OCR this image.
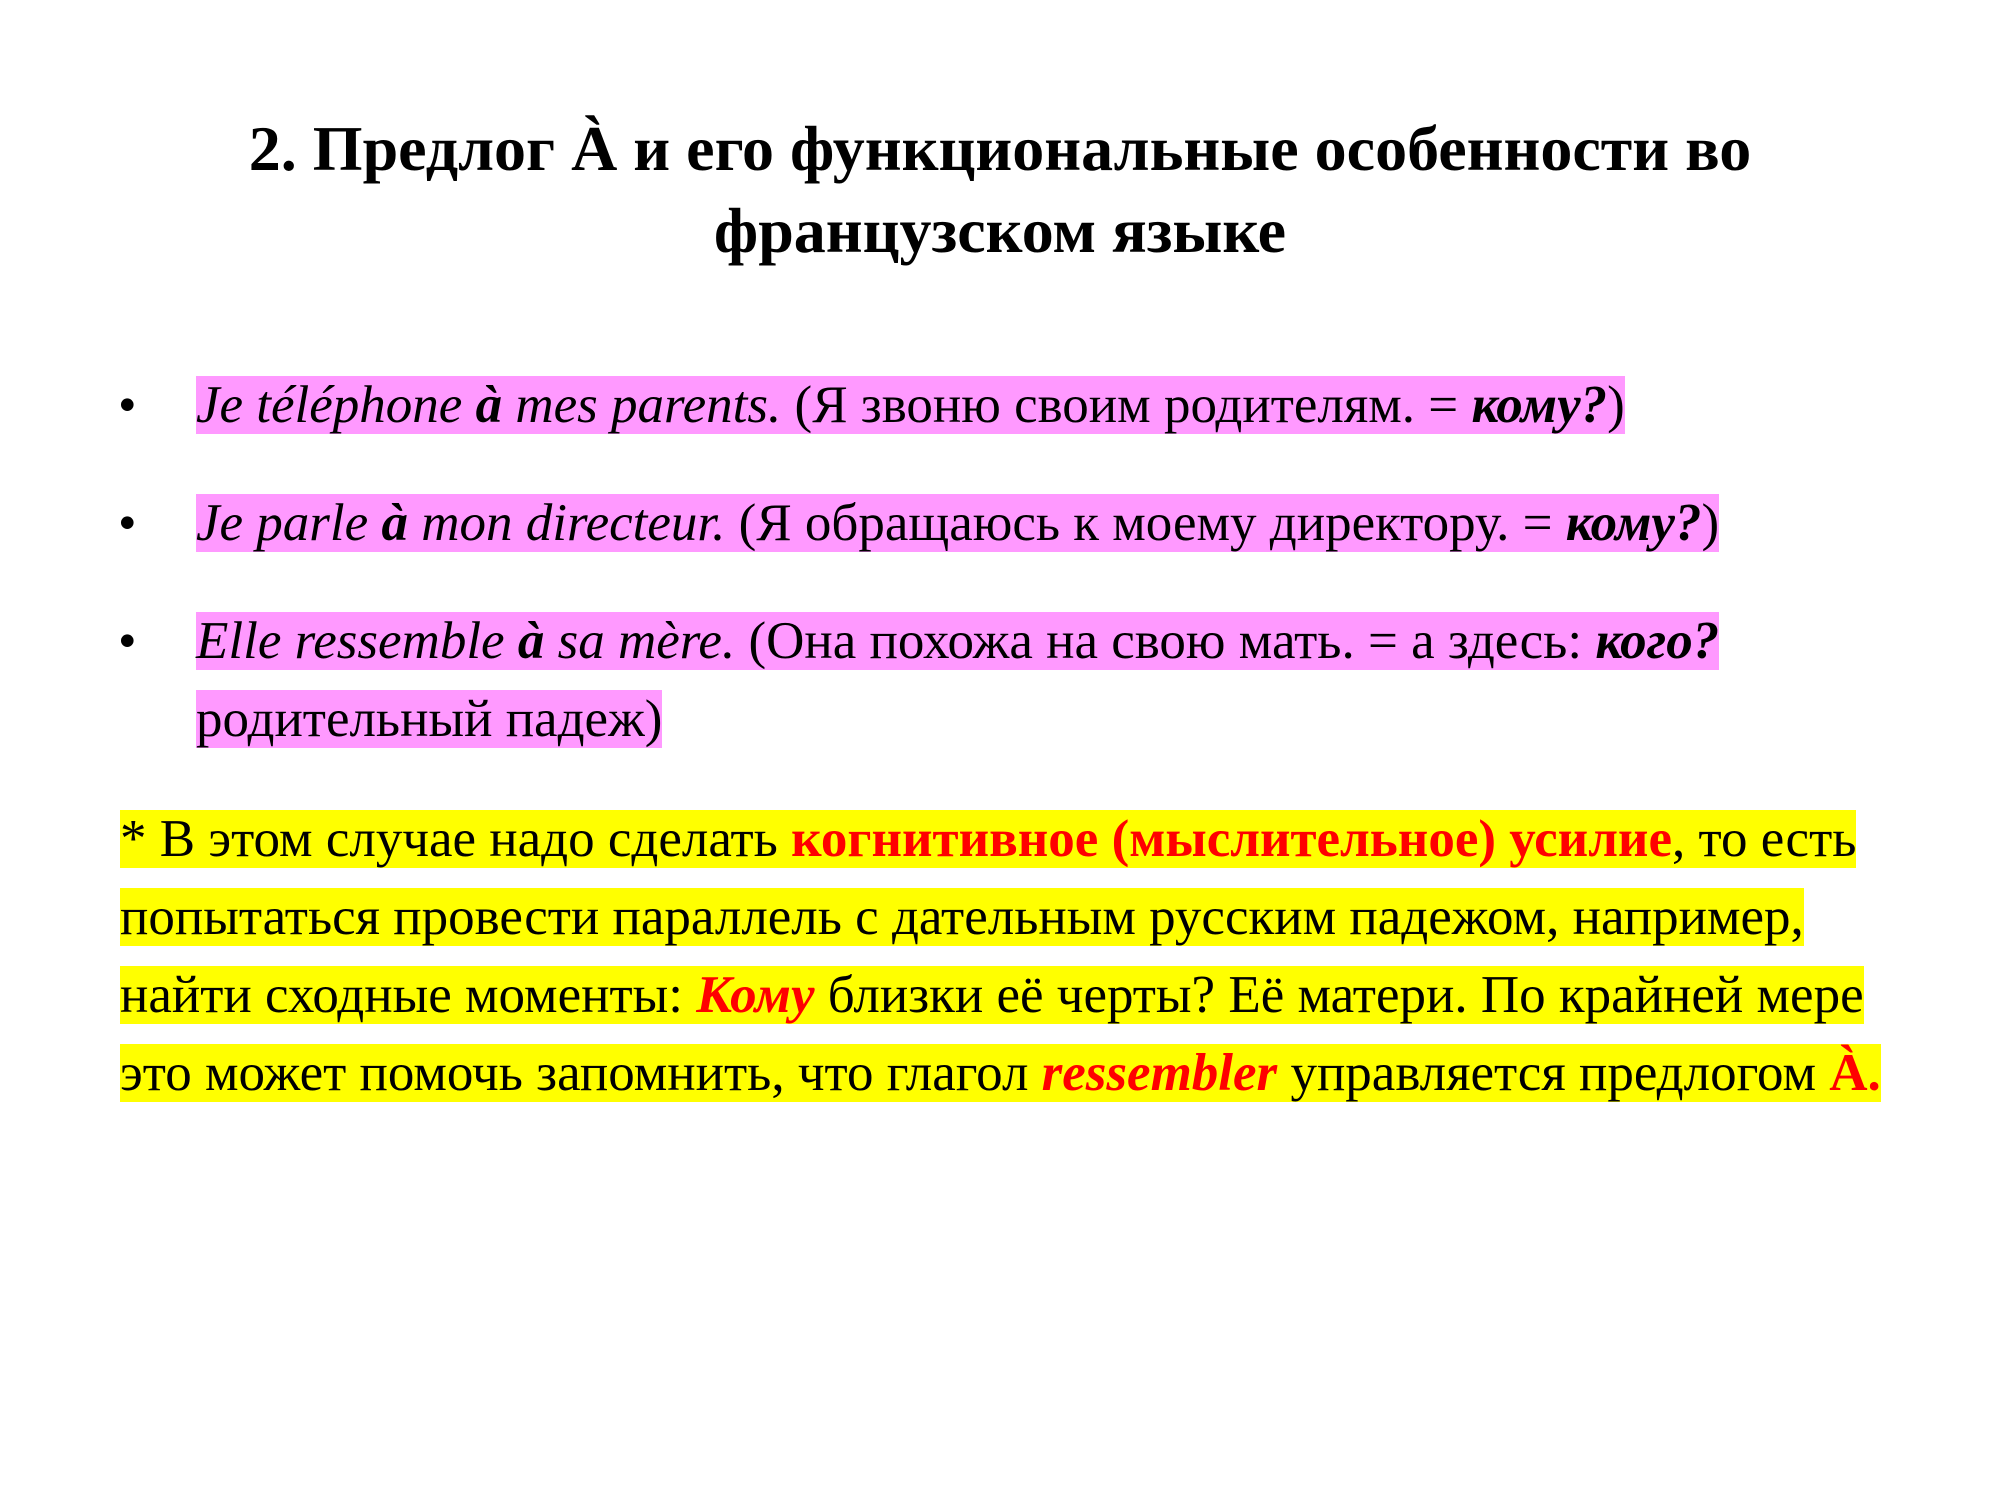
2. Предлог À и его функциональные особенности во
французском языке
•	Je téléphone à mes parents. (Я звоню своим родителям. = кому?)
•	Je parle à mon directeur. (Я обращаюсь к моему директору. = кому?)
•	Elle ressemble à sa mère. (Она похожа на свою мать. = а здесь: кого? родительный падеж)
* В этом случае надо сделать когнитивное (мыслительное) усилие, то есть попытаться провести параллель с дательным русским падежом, например, найти сходные моменты: Кому близки её черты? Её матери. По крайней мере это может помочь запомнить, что глагол ressembler управляется предлогом À.
